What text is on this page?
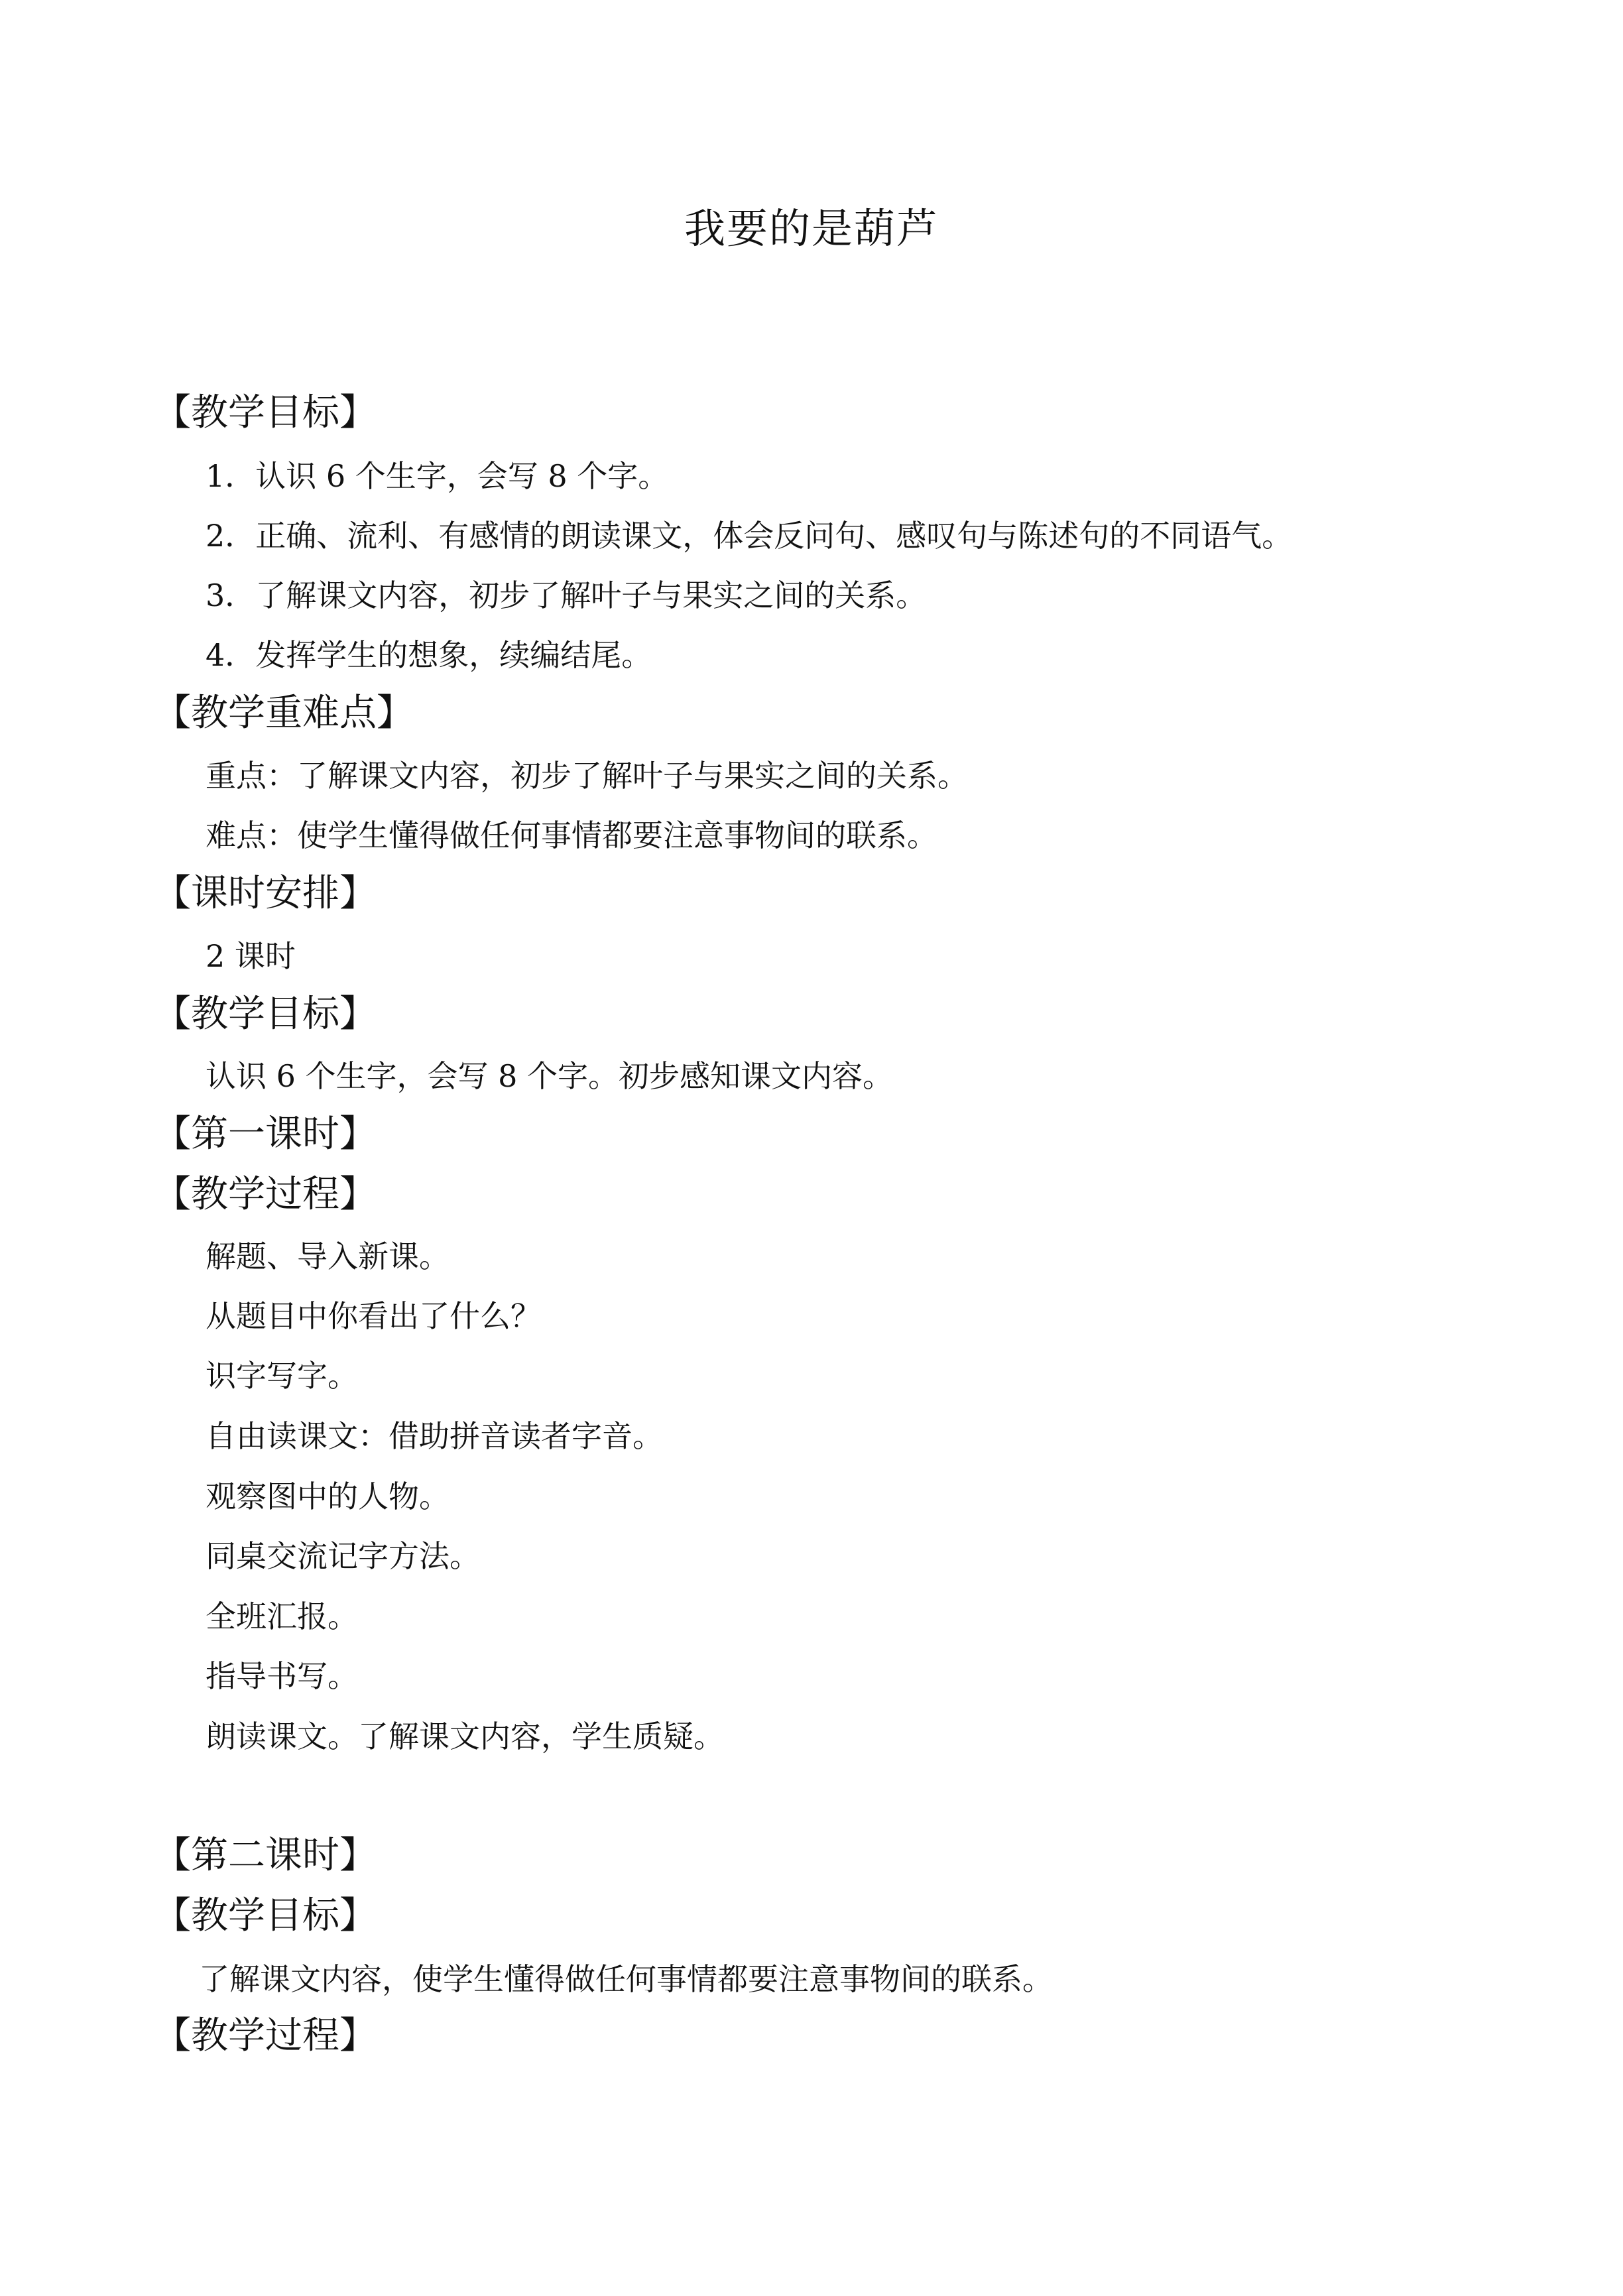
我要的是葫芦
【教学目标】
1．认识 6 个生字，会写 8 个字。
2．正确、流利、有感情的朗读课文，体会反问句、感叹句与陈述句的不同语气。
3．了解课文内容，初步了解叶子与果实之间的关系。
4．发挥学生的想象，续编结尾。
【教学重难点】
重点：了解课文内容，初步了解叶子与果实之间的关系。
难点：使学生懂得做任何事情都要注意事物间的联系。
【课时安排】
2 课时
【教学目标】
认识 6 个生字，会写 8 个字。初步感知课文内容。
【第一课时】
【教学过程】
解题、导入新课。
从题目中你看出了什么？
识字写字。
自由读课文：借助拼音读者字音。
观察图中的人物。
同桌交流记字方法。
全班汇报。
指导书写。
朗读课文。了解课文内容，学生质疑。
【第二课时】
【教学目标】
了解课文内容，使学生懂得做任何事情都要注意事物间的联系。
【教学过程】
